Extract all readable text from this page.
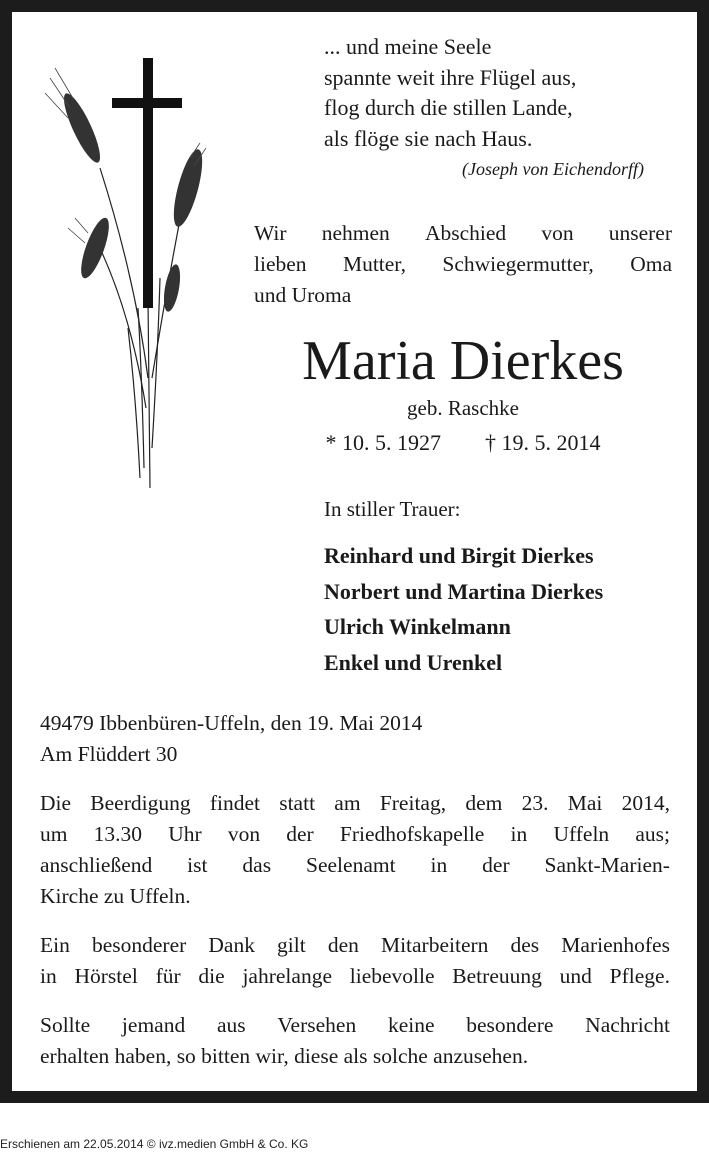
... und meine Seele
spannte weit ihre Flügel aus,
flog durch die stillen Lande,
als flöge sie nach Haus.
(Joseph von Eichendorff)
Wir nehmen Abschied von unserer
lieben Mutter, Schwiegermutter, Oma
und Uroma
Maria Dierkes
geb. Raschke
* 10. 5. 1927 † 19. 5. 2014
In stiller Trauer:
Reinhard und Birgit Dierkes
Norbert und Martina Dierkes
Ulrich Winkelmann
Enkel und Urenkel

49479 Ibbenbüren-Uffeln, den 19. Mai 2014

Am Flüddert 30

Die Beerdigung findet statt am Freitag, dem 23. Mai 2014,
um 13.30 Uhr von der Friedhofskapelle in Uffeln aus;
anschließend ist das Seelenamt in der Sankt-Marien-

Kirche zu Uffeln.

Ein besonderer Dank gilt den Mitarbeitern des Marienhofes
in Hörstel für die jahrelange liebevolle Betreuung und Pflege.
Sollte jemand aus Versehen keine besondere Nachricht

erhalten haben, so bitten wir, diese als solche anzusehen.

Erschienen am 22.05.2014 © ivz.medien GmbH & Co. KG
